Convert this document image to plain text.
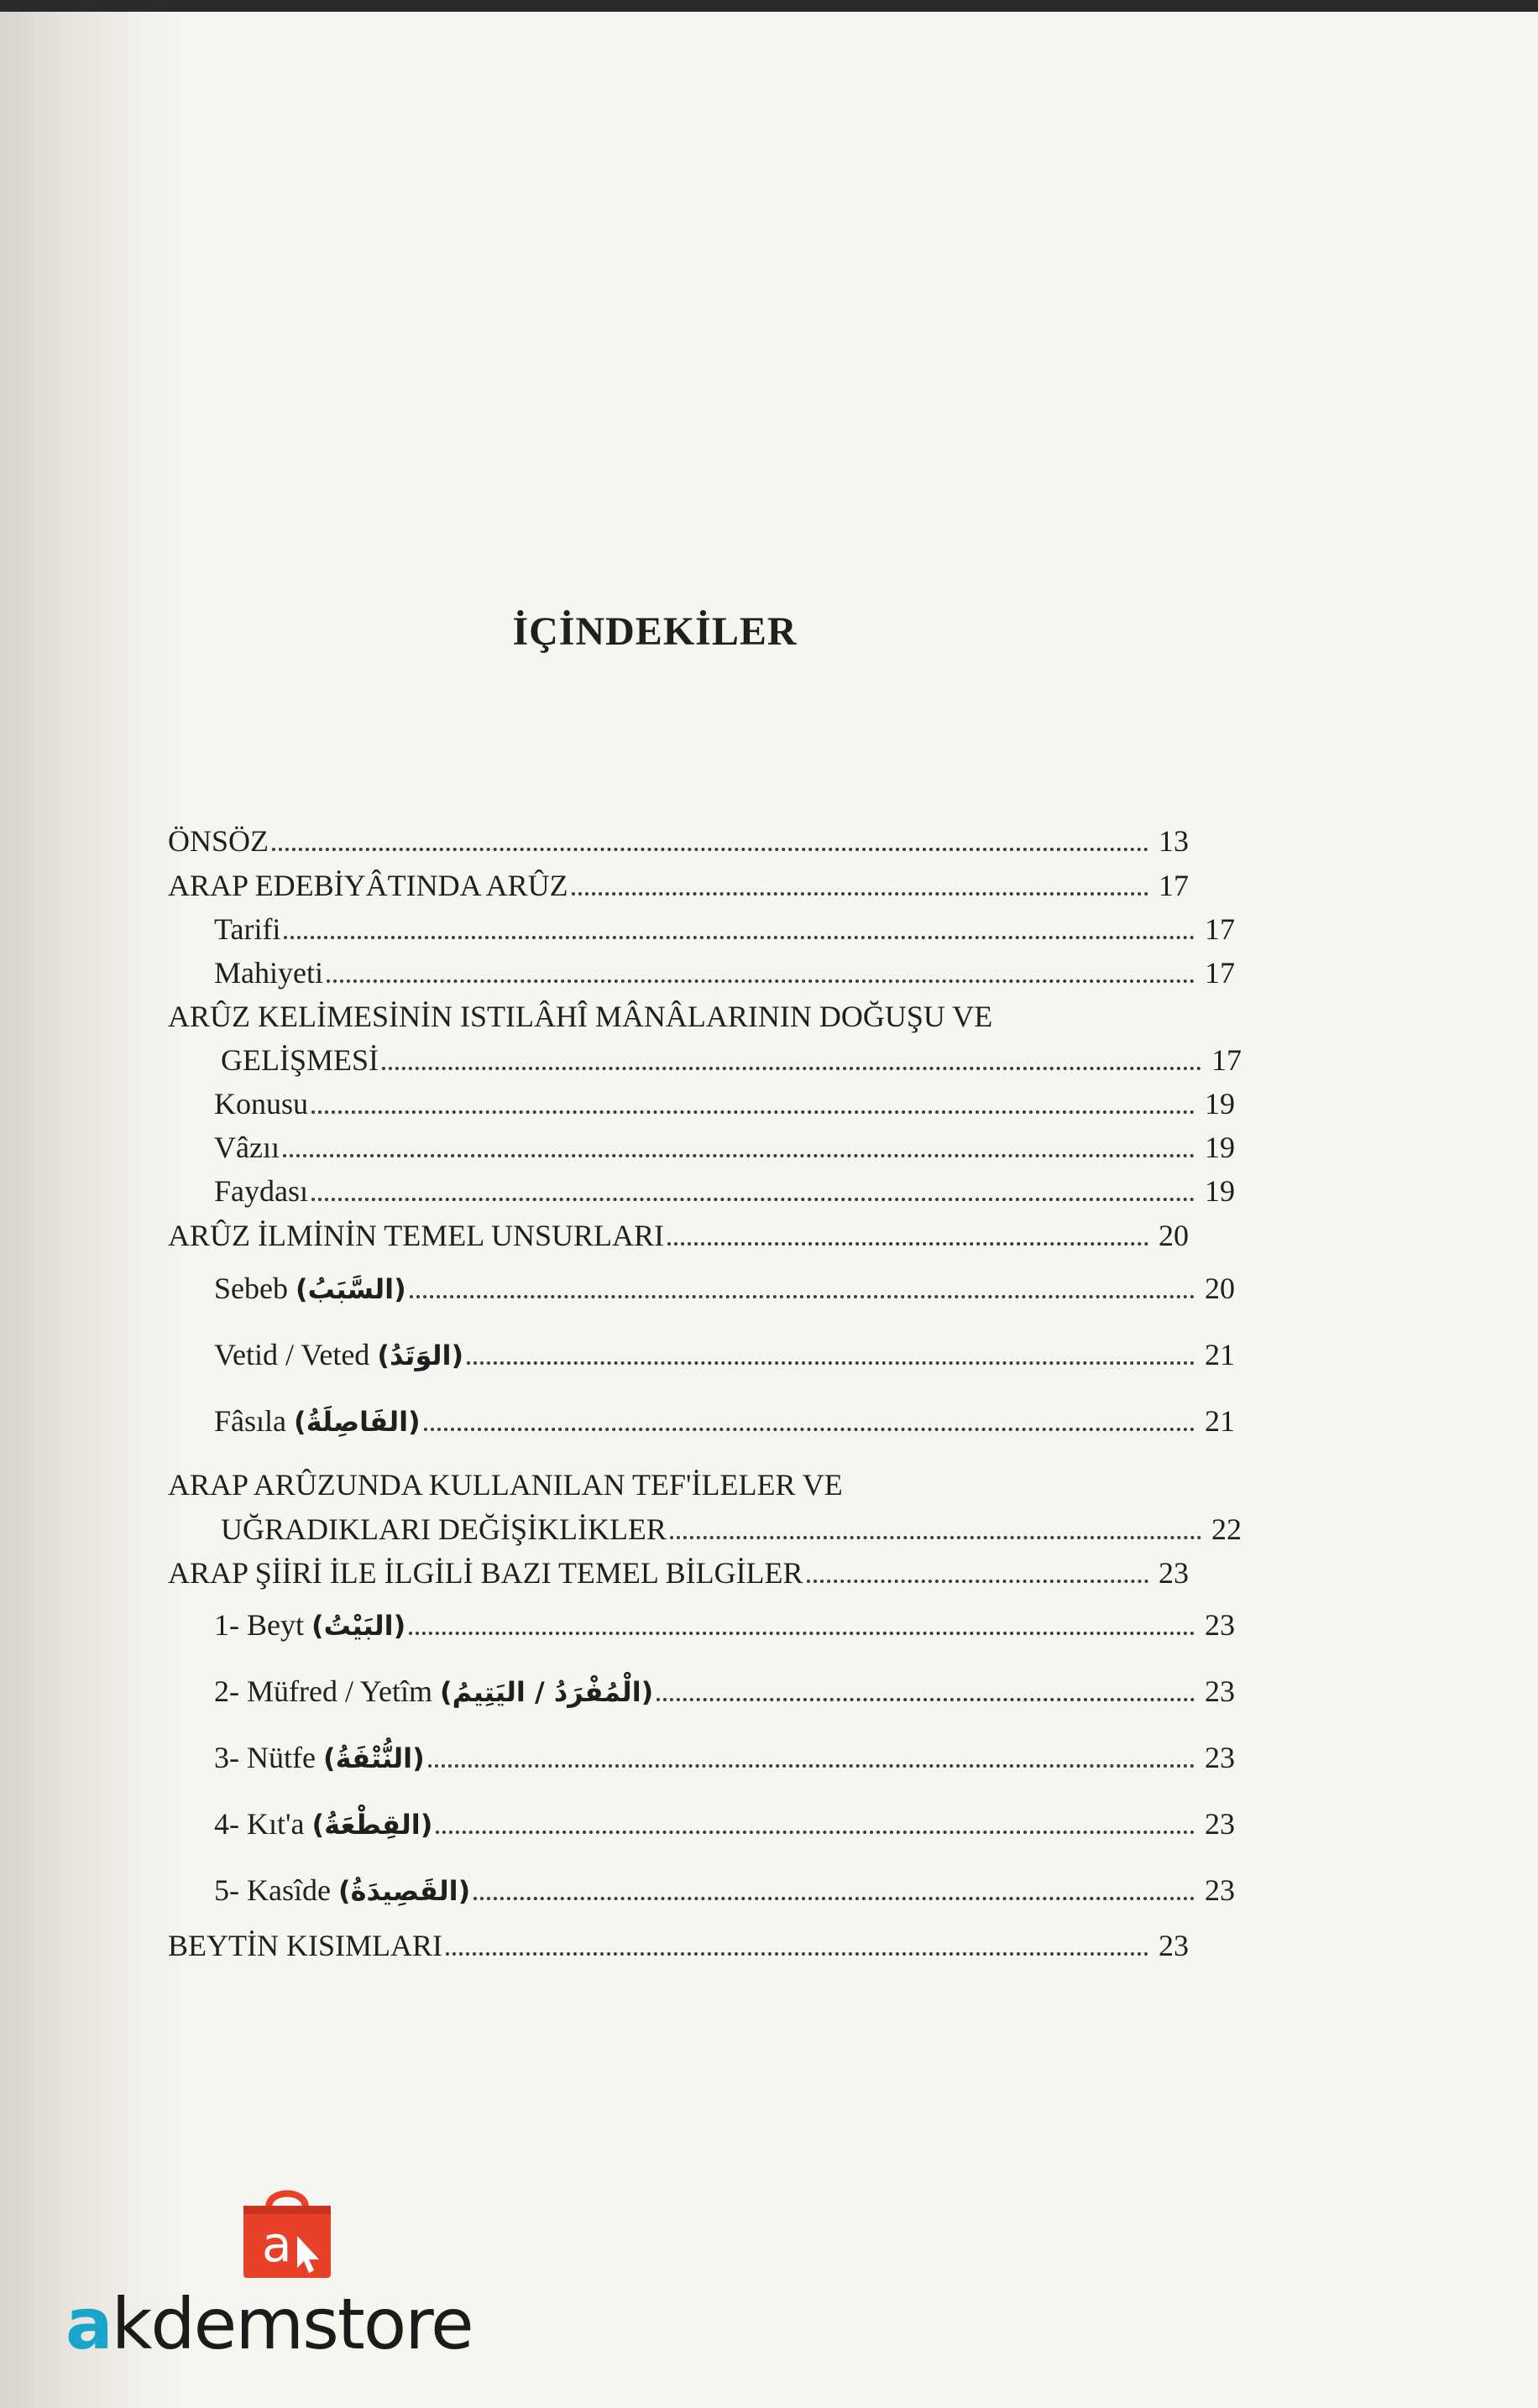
İÇİNDEKİLER
ÖNSÖZ	13
ARAP EDEBİYÂTINDA ARÛZ	17
Tarifi	17
Mahiyeti	17
ARÛZ KELİMESİNİN ISTILÂHÎ MÂNÂLARININ DOĞUŞU VE
GELİŞMESİ	17
Konusu	19
Vâzıı	19
Faydası	19
ARÛZ İLMİNİN TEMEL UNSURLARI	20
Sebeb (السَّبَبُ)	20
Vetid / Veted (الوَتَدُ)	21
Fâsıla (الفَاصِلَةُ)	21
ARAP ARÛZUNDA KULLANILAN TEF'İLELER VE
UĞRADIKLARI DEĞİŞİKLİKLER	22
ARAP ŞİİRİ İLE İLGİLİ BAZI TEMEL BİLGİLER	23
1- Beyt (البَيْتُ)	23
2- Müfred / Yetîm (الْمُفْرَدُ / اليَتِيمُ)	23
3- Nütfe (النُّتْفَةُ)	23
4- Kıt'a (القِطْعَةُ)	23
5- Kasîde (القَصِيدَةُ)	23
BEYTİN KISIMLARI	23
a
akdemstore
